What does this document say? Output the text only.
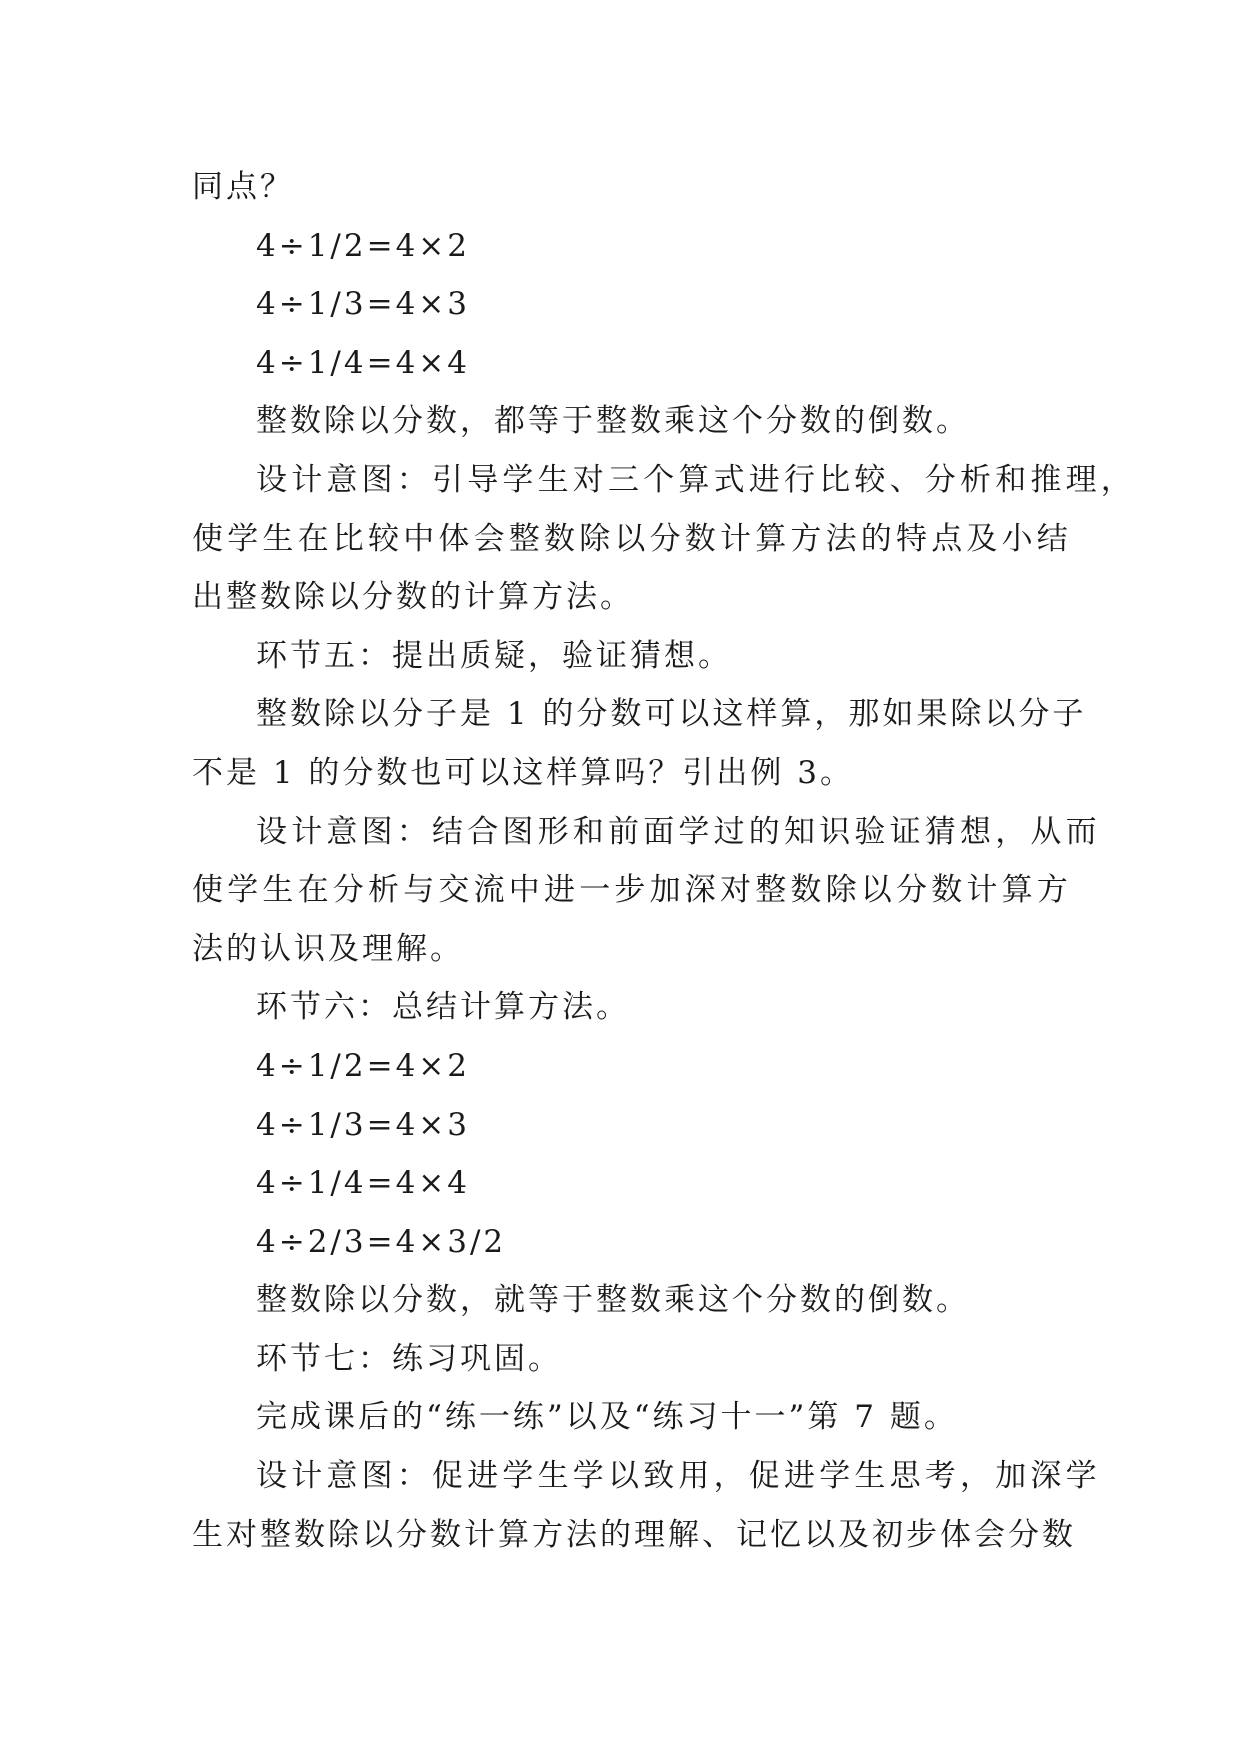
同点？
4÷1/2=4×2
4÷1/3=4×3
4÷1/4=4×4
整数除以分数，都等于整数乘这个分数的倒数。
设计意图：引导学生对三个算式进行比较、分析和推理，
使学生在比较中体会整数除以分数计算方法的特点及小结
出整数除以分数的计算方法。
环节五：提出质疑，验证猜想。
整数除以分子是 1 的分数可以这样算，那如果除以分子
不是 1 的分数也可以这样算吗？引出例 3。
设计意图：结合图形和前面学过的知识验证猜想，从而
使学生在分析与交流中进一步加深对整数除以分数计算方
法的认识及理解。
环节六：总结计算方法。
4÷1/2=4×2
4÷1/3=4×3
4÷1/4=4×4
4÷2/3=4×3/2
整数除以分数，就等于整数乘这个分数的倒数。
环节七：练习巩固。
完成课后的“练一练”以及“练习十一”第 7 题。
设计意图：促进学生学以致用，促进学生思考，加深学
生对整数除以分数计算方法的理解、记忆以及初步体会分数
